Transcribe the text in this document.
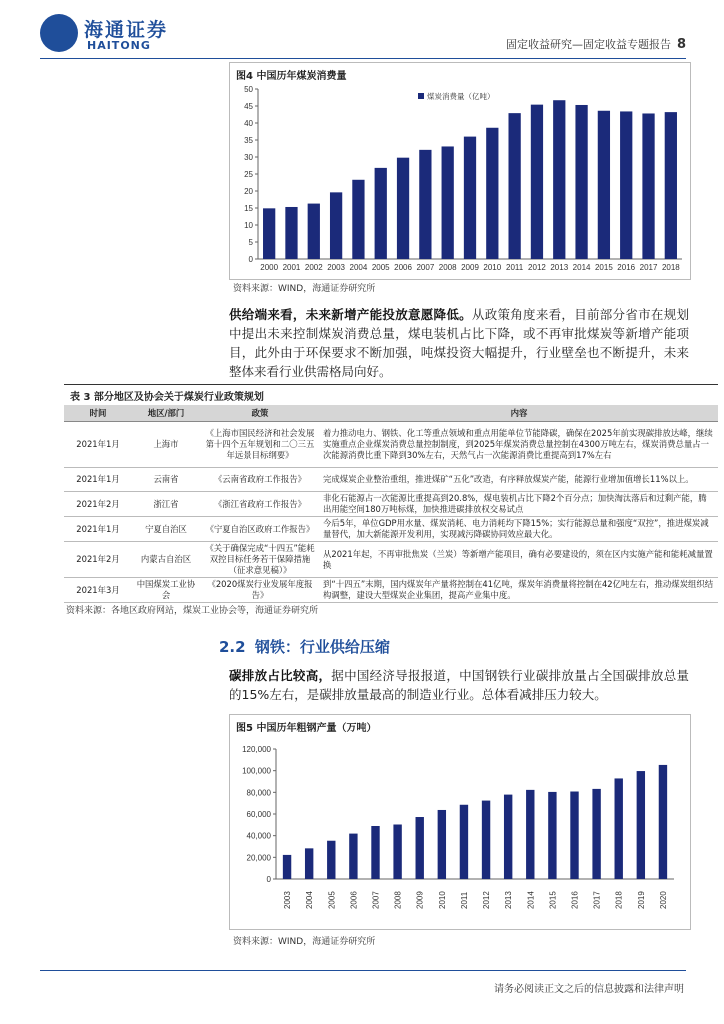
海通证券
HAITONG	固定收益研究—固定收益专题报告 8
图4 中国历年煤炭消费量
0
5
10
15
20
25
30
35
40
45
50
2000 2001 2002 2003 2004 2005 2006 2007 2008 2009 2010 2011 2012 2013 2014 2015 2016 2017 2018
煤炭消费量（亿吨）
资料来源：WIND，海通证券研究所
供给端来看，未来新增产能投放意愿降低。从政策角度来看，目前部分省市在规划中提出未来控制煤炭消费总量，煤电装机占比下降，或不再审批煤炭等新增产能项目，此外由于环保要求不断加强，吨煤投资大幅提升，行业壁垒也不断提升，未来整体来看行业供需格局向好。
表 3 部分地区及协会关于煤炭行业政策规划
时间	地区/部门	政策	内容
2021年1月	上海市	《上海市国民经济和社会发展第十四个五年规划和二〇三五年远景目标纲要》	着力推动电力、钢铁、化工等重点领域和重点用能单位节能降碳，确保在2025年前实现碳排放达峰，继续实施重点企业煤炭消费总量控制制度，到2025年煤炭消费总量控制在4300万吨左右，煤炭消费总量占一次能源消费比重下降到30%左右，天然气占一次能源消费比重提高到17%左右
2021年1月	云南省	《云南省政府工作报告》	完成煤炭企业整治重组，推进煤矿“五化”改造，有序释放煤炭产能，能源行业增加值增长11%以上。
2021年2月	浙江省	《浙江省政府工作报告》	非化石能源占一次能源比重提高到20.8%，煤电装机占比下降2个百分点；加快淘汰落后和过剩产能，腾出用能空间180万吨标煤，加快推进碳排放权交易试点
2021年1月	宁夏自治区	《宁夏自治区政府工作报告》	今后5年，单位GDP用水量、煤炭消耗、电力消耗均下降15%；实行能源总量和强度“双控”，推进煤炭减量替代，加大新能源开发利用，实现减污降碳协同效应最大化。
2021年2月	内蒙古自治区	《关于确保完成“十四五”能耗双控目标任务若干保障措施（征求意见稿）》	从2021年起，不再审批焦炭（兰炭）等新增产能项目，确有必要建设的，须在区内实施产能和能耗减量置换
2021年3月	中国煤炭工业协会	《2020煤炭行业发展年度报告》	到“十四五”末期，国内煤炭年产量将控制在41亿吨，煤炭年消费量将控制在42亿吨左右，推动煤炭组织结构调整，建设大型煤炭企业集团，提高产业集中度。
资料来源：各地区政府网站，煤炭工业协会等，海通证券研究所
2.2 钢铁：行业供给压缩
碳排放占比较高，据中国经济导报报道，中国钢铁行业碳排放量占全国碳排放总量的15%左右，是碳排放量最高的制造业行业。总体看减排压力较大。
图5 中国历年粗钢产量（万吨）
0
20,000
40,000
60,000
80,000
100,000
120,000
2003 2004 2005 2006 2007 2008 2009 2010 2011 2012 2013 2014 2015 2016 2017 2018 2019 2020
资料来源：WIND，海通证券研究所
请务必阅读正文之后的信息披露和法律声明
